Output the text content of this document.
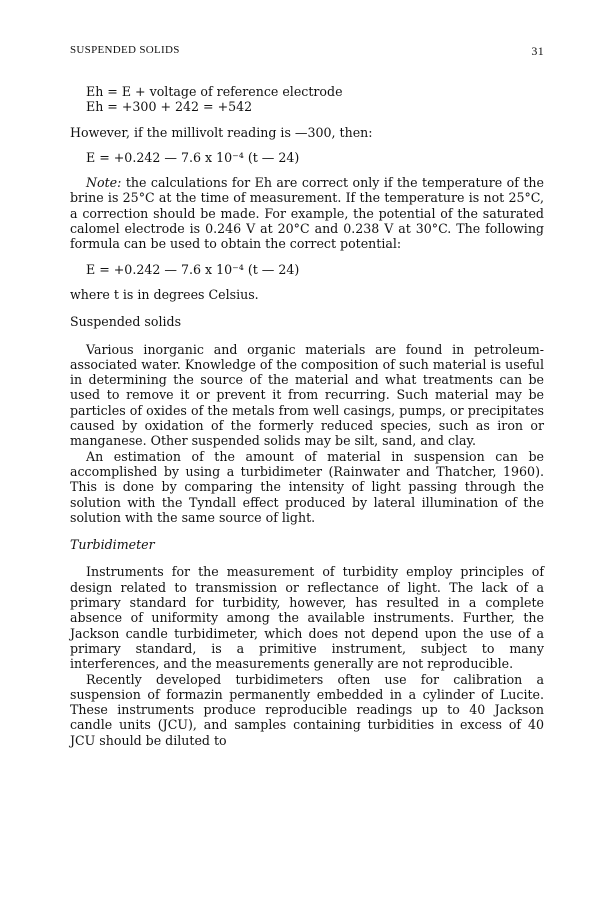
SUSPENDED SOLIDS	31

Eh = E + voltage of reference electrode

Eh = +300 + 242 = +542

However, if the millivolt reading is —300, then:

E = +0.242 — 7.6 x 10⁻⁴ (t — 24)

Note: the calculations for Eh are correct only if the temperature of the brine is 25°C at the time of measurement. If the temperature is not 25°C, a correction should be made. For example, the potential of the saturated calomel electrode is 0.246 V at 20°C and 0.238 V at 30°C. The following formula can be used to obtain the correct potential:

E = +0.242 — 7.6 x 10⁻⁴ (t — 24)

where t is in degrees Celsius.

Suspended solids

Various inorganic and organic materials are found in petroleum-associated water. Knowledge of the composition of such material is useful in determining the source of the material and what treatments can be used to remove it or prevent it from recurring. Such material may be particles of oxides of the metals from well casings, pumps, or precipitates caused by oxidation of the formerly reduced species, such as iron or manganese. Other suspended solids may be silt, sand, and clay.

An estimation of the amount of material in suspension can be accomplished by using a turbidimeter (Rainwater and Thatcher, 1960). This is done by comparing the intensity of light passing through the solution with the Tyndall effect produced by lateral illumination of the solution with the same source of light.

Turbidimeter

Instruments for the measurement of turbidity employ principles of design related to transmission or reflectance of light. The lack of a primary standard for turbidity, however, has resulted in a complete absence of uniformity among the available instruments. Further, the Jackson candle turbidimeter, which does not depend upon the use of a primary standard, is a primitive instrument, subject to many interferences, and the measurements generally are not reproducible.

Recently developed turbidimeters often use for calibration a suspension of formazin permanently embedded in a cylinder of Lucite. These instruments produce reproducible readings up to 40 Jackson candle units (JCU), and samples containing turbidities in excess of 40 JCU should be diluted to
